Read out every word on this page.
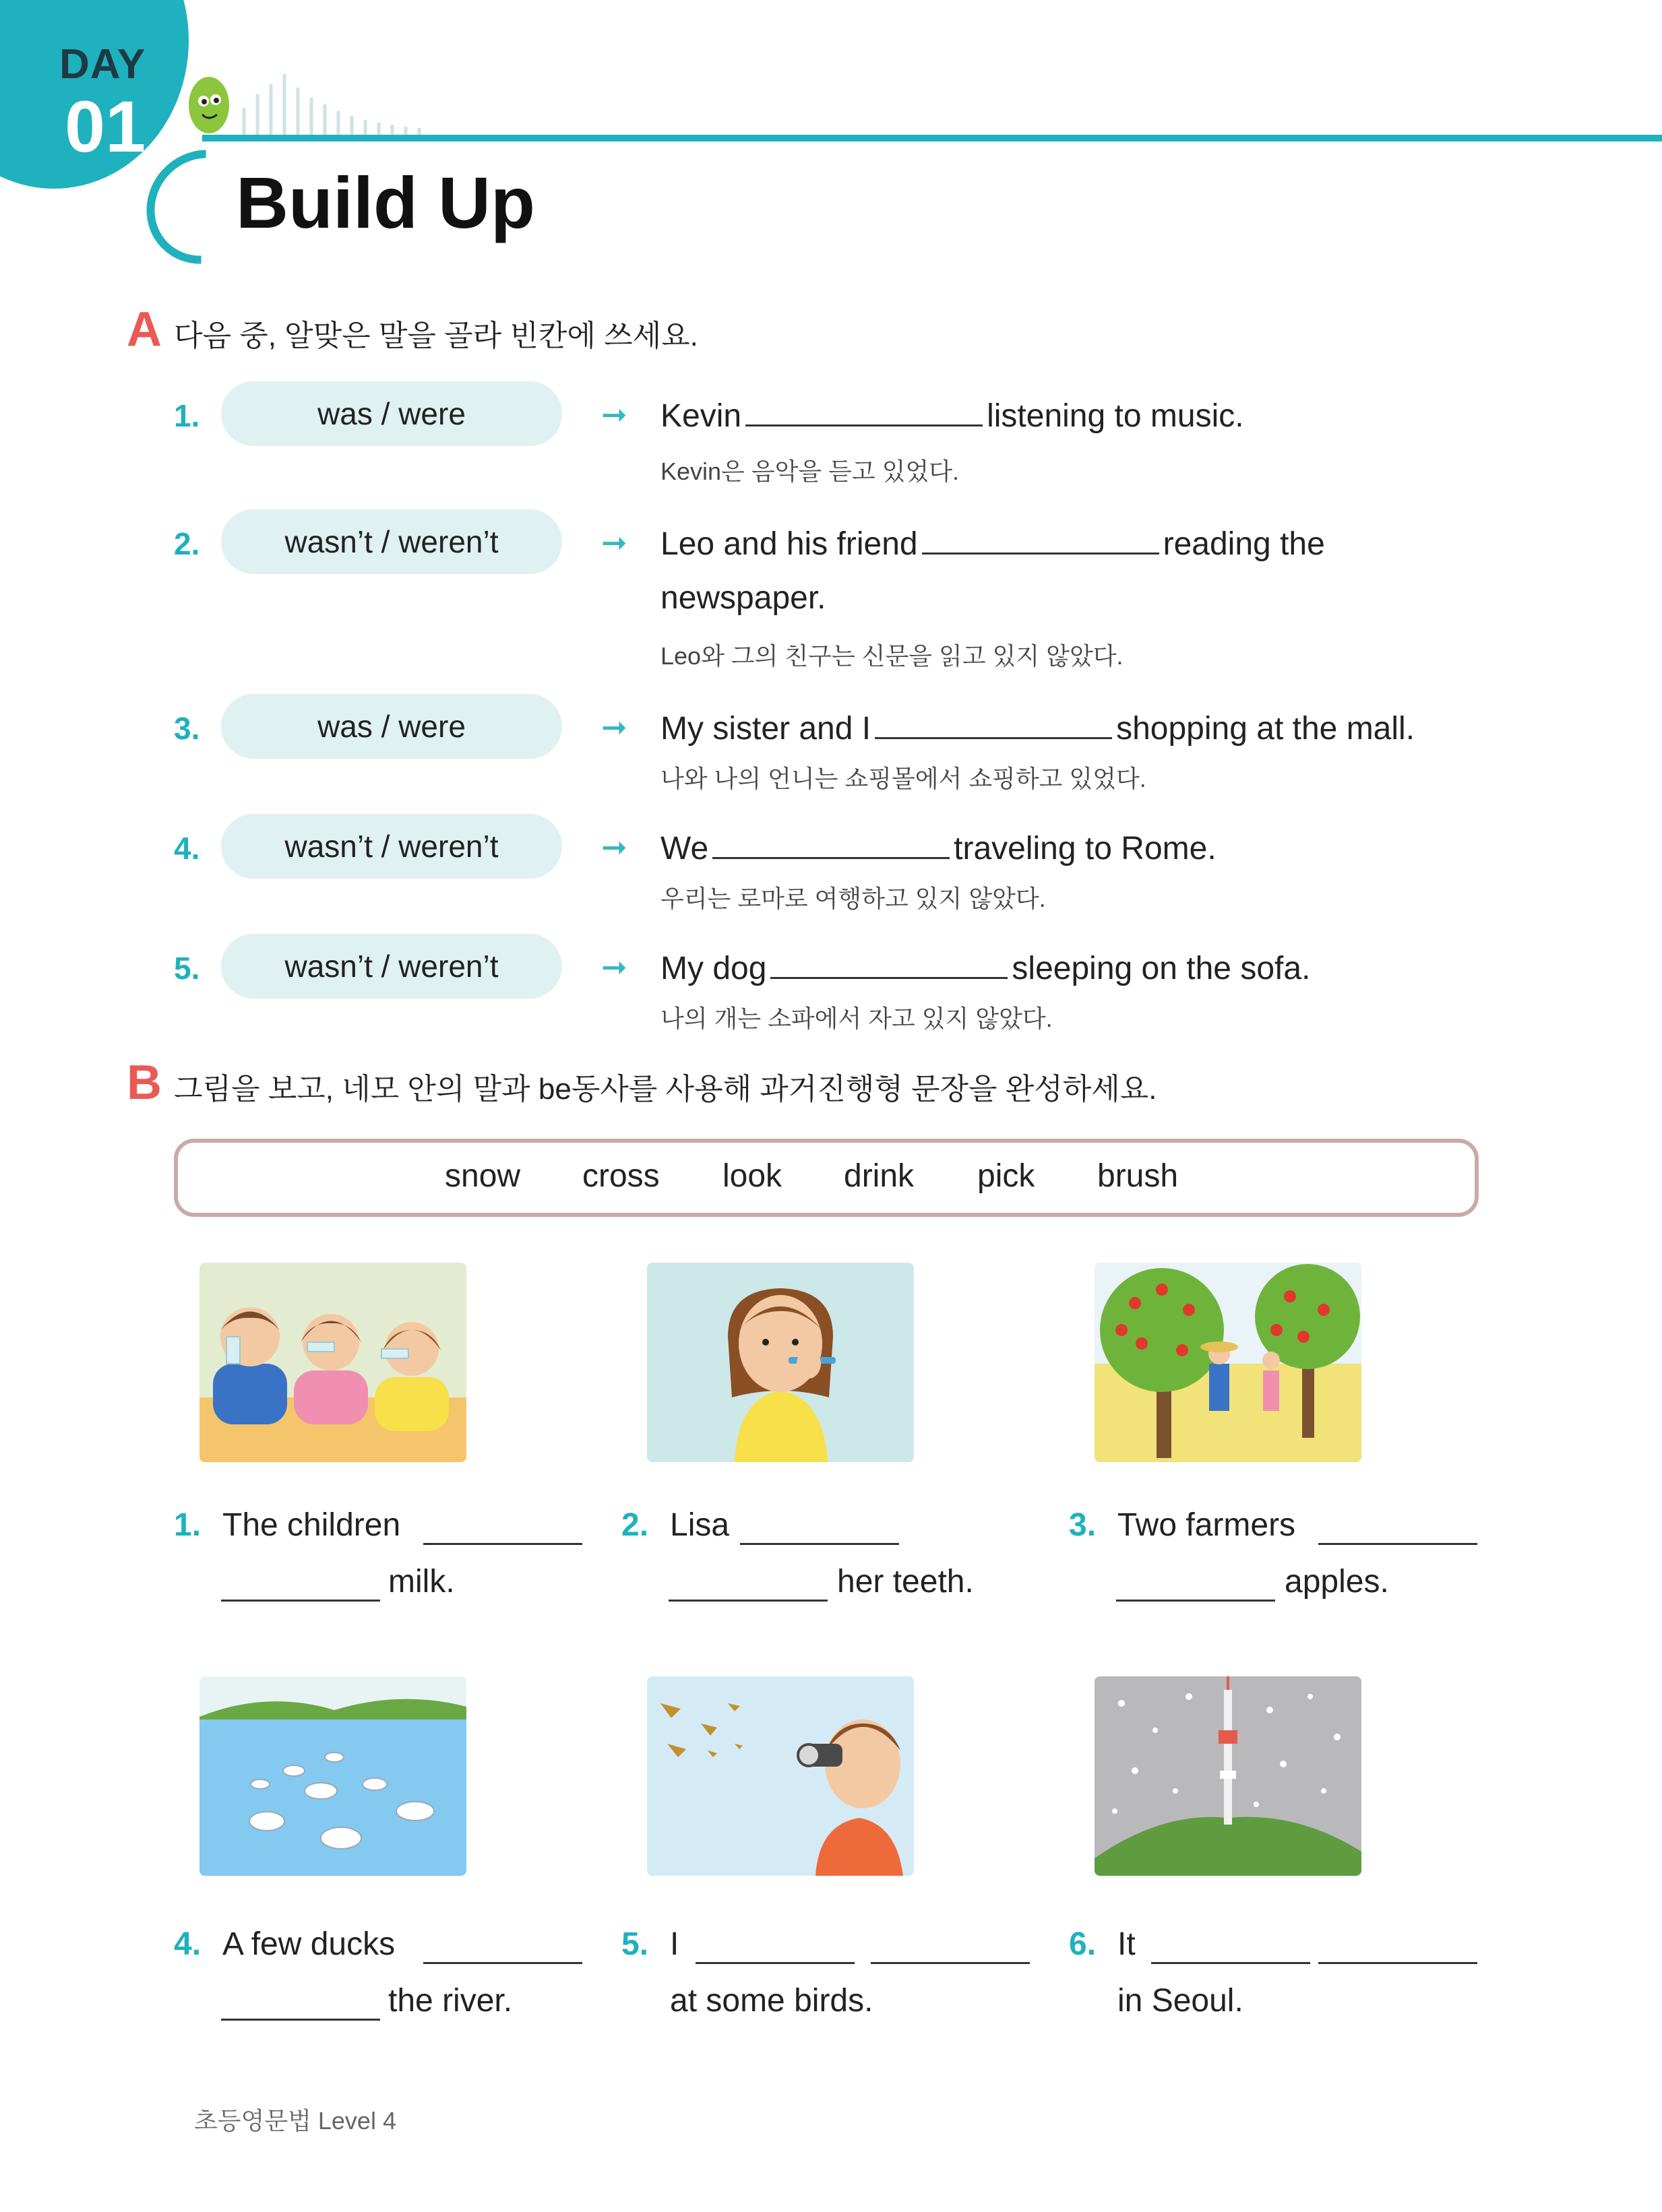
DAY
01
Build Up
A 다음 중, 알맞은 말을 골라 빈칸에 쓰세요.
1.	was / were	➞ Kevin	listening to music.
Kevin은 음악을 듣고 있었다.
2.	wasn’t / weren’t	➞ Leo and his friend	reading the
newspaper.
Leo와 그의 친구는 신문을 읽고 있지 않았다.
3.	was / were	➞ My sister and I	shopping at the mall.
나와 나의 언니는 쇼핑몰에서 쇼핑하고 있었다.
4.	wasn’t / weren’t	➞ We	traveling to Rome.
우리는 로마로 여행하고 있지 않았다.
5.	wasn’t / weren’t	➞ My dog	sleeping on the sofa.
나의 개는 소파에서 자고 있지 않았다.
B 그림을 보고, 네모 안의 말과 be동사를 사용해 과거진행형 문장을 완성하세요.
snow cross look drink pick brush
1. The children
milk.
2. Lisa
her teeth.
3. Two farmers
apples.
4. A few ducks
the river.
5. I
at some birds.
6. It
in Seoul.
초등영문법 Level 4
